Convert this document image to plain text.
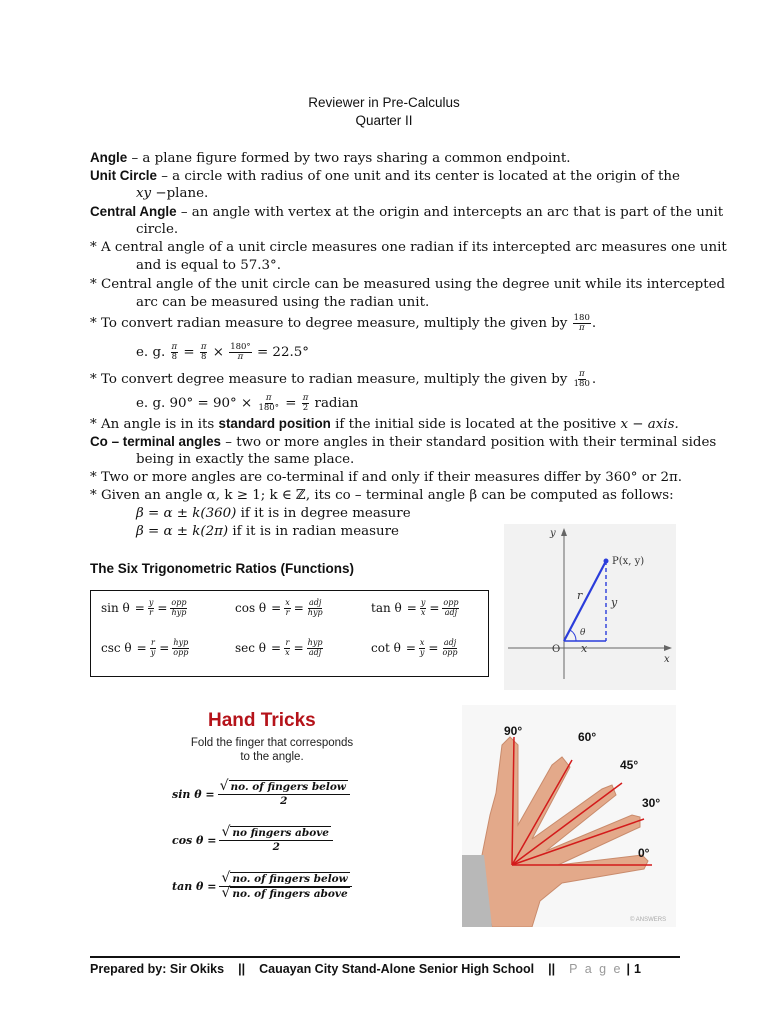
Reviewer in Pre-Calculus
Quarter II
Angle – a plane figure formed by two rays sharing a common endpoint.
Unit Circle – a circle with radius of one unit and its center is located at the origin of the
xy −plane.
Central Angle – an angle with vertex at the origin and intercepts an arc that is part of the unit
circle.
* A central angle of a unit circle measures one radian if its intercepted arc measures one unit
and is equal to 57.3°.
* Central angle of the unit circle can be measured using the degree unit while its intercepted
arc can be measured using the radian unit.
* To convert radian measure to degree measure, multiply the given by $\frac{180}{\pi}$ .
e. g. $\frac{\pi}{8} = \frac{\pi}{8} \times \frac{180^\circ}{\pi} = 22.5^\circ$
* To convert degree measure to radian measure, multiply the given by $\frac{\pi}{180}$ .
e. g. $90^\circ = 90^\circ \times \frac{\pi}{180^\circ} = \frac{\pi}{2}$ radian
* An angle is in its standard position if the initial side is located at the positive x − axis.
Co – terminal angles – two or more angles in their standard position with their terminal sides
being in exactly the same place.
* Two or more angles are co-terminal if and only if their measures differ by 360° or 2π.
* Given an angle α, k ≥ 1; k ∈ ℤ, its co – terminal angle β can be computed as follows:
β = α ± k(360) if it is in degree measure
β = α ± k(2π) if it is in radian measure
The Six Trigonometric Ratios (Functions)
$\sin \theta = \frac{y}{r} = \frac{\text{opp}}{\text{hyp}}$	$\cos \theta = \frac{x}{r} = \frac{\text{adj}}{\text{hyp}}$	$\tan \theta = \frac{y}{x} = \frac{\text{opp}}{\text{adj}}$
$\csc \theta = \frac{r}{y} = \frac{\text{hyp}}{\text{opp}}$	$\sec \theta = \frac{r}{x} = \frac{\text{hyp}}{\text{adj}}$	$\cot \theta = \frac{x}{y} = \frac{\text{adj}}{\text{opp}}$
y
x
O
P(x, y)
r
y
x
θ
Hand Tricks
Fold the finger that corresponds
to the angle.
sin θ = √ no. of fingers below
2
cos θ = √ no fingers above
2
tan θ = √ no. of fingers below
√ no. of fingers above
90°	60°
45°
30°
0°
© ANSWERS
Prepared by: Sir Okiks || Cauayan City Stand-Alone Senior High School || P a g e | 1
